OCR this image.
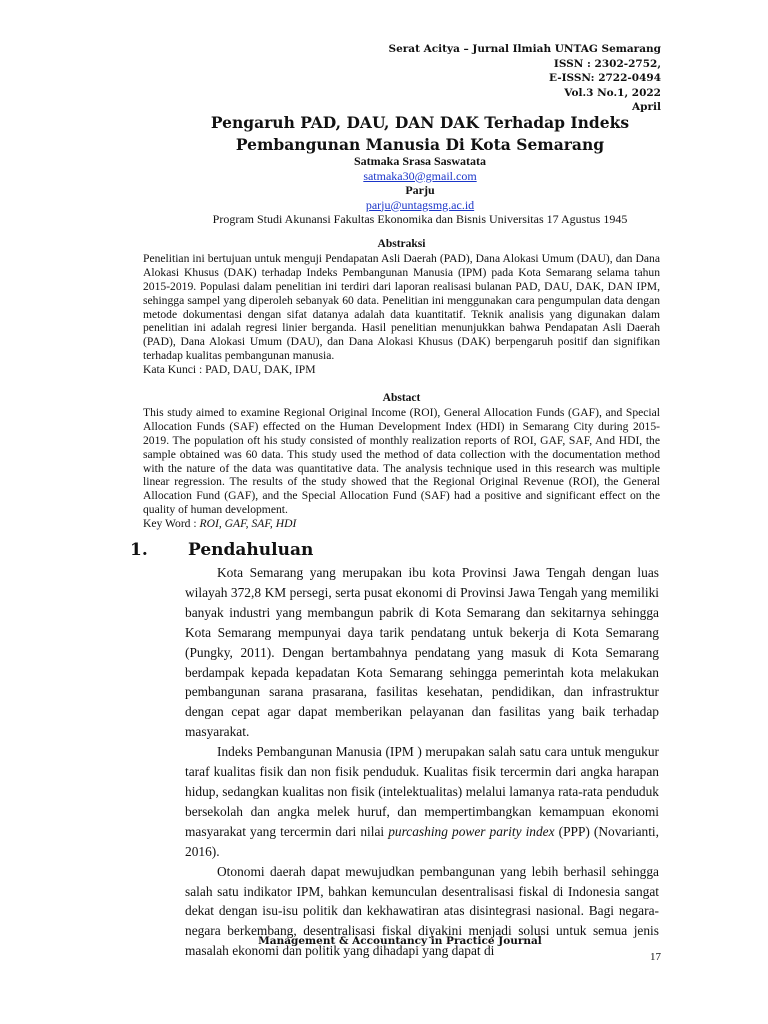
Serat Acitya – Jurnal Ilmiah UNTAG Semarang
ISSN : 2302-2752,
E-ISSN: 2722-0494
Vol.3 No.1, 2022
April
Pengaruh PAD, DAU, DAN DAK Terhadap Indeks
Pembangunan Manusia Di Kota Semarang
Satmaka Srasa Saswatata
satmaka30@gmail.com
Parju
parju@untagsmg.ac.id
Program Studi Akunansi Fakultas Ekonomika dan Bisnis Universitas 17 Agustus 1945
Abstraksi
Penelitian ini bertujuan untuk menguji Pendapatan Asli Daerah (PAD), Dana Alokasi Umum (DAU), dan Dana Alokasi Khusus (DAK) terhadap Indeks Pembangunan Manusia (IPM) pada Kota Semarang selama tahun 2015-2019. Populasi dalam penelitian ini terdiri dari laporan realisasi bulanan PAD, DAU, DAK, DAN IPM, sehingga sampel yang diperoleh sebanyak 60 data. Penelitian ini menggunakan cara pengumpulan data dengan metode dokumentasi dengan sifat datanya adalah data kuantitatif. Teknik analisis yang digunakan dalam penelitian ini adalah regresi linier berganda. Hasil penelitian menunjukkan bahwa Pendapatan Asli Daerah (PAD), Dana Alokasi Umum (DAU), dan Dana Alokasi Khusus (DAK) berpengaruh positif dan signifikan terhadap kualitas pembangunan manusia.
Kata Kunci : PAD, DAU, DAK, IPM
Abstact
This study aimed to examine Regional Original Income (ROI), General Allocation Funds (GAF), and Special Allocation Funds (SAF) effected on the Human Development Index (HDI) in Semarang City during 2015-2019. The population oft his study consisted of monthly realization reports of ROI, GAF, SAF, And HDI, the sample obtained was 60 data. This study used the method of data collection with the documentation method with the nature of the data was quantitative data. The analysis technique used in this research was multiple linear regression. The results of the study showed that the Regional Original Revenue (ROI), the General Allocation Fund (GAF), and the Special Allocation Fund (SAF) had a positive and significant effect on the quality of human development.
Key Word : ROI, GAF, SAF, HDI
1. Pendahuluan

Kota Semarang yang merupakan ibu kota Provinsi Jawa Tengah dengan luas wilayah 372,8 KM persegi, serta pusat ekonomi di Provinsi Jawa Tengah yang memiliki banyak industri yang membangun pabrik di Kota Semarang dan sekitarnya sehingga Kota Semarang mempunyai daya tarik pendatang untuk bekerja di Kota Semarang (Pungky, 2011). Dengan bertambahnya pendatang yang masuk di Kota Semarang berdampak kepada kepadatan Kota Semarang sehingga pemerintah kota melakukan pembangunan sarana prasarana, fasilitas kesehatan, pendidikan, dan infrastruktur dengan cepat agar dapat memberikan pelayanan dan fasilitas yang baik terhadap masyarakat.

Indeks Pembangunan Manusia (IPM ) merupakan salah satu cara untuk mengukur taraf kualitas fisik dan non fisik penduduk. Kualitas fisik tercermin dari angka harapan hidup, sedangkan kualitas non fisik (intelektualitas) melalui lamanya rata-rata penduduk bersekolah dan angka melek huruf, dan mempertimbangkan kemampuan ekonomi masyarakat yang tercermin dari nilai purcashing power parity index (PPP) (Novarianti, 2016).

Otonomi daerah dapat mewujudkan pembangunan yang lebih berhasil sehingga salah satu indikator IPM, bahkan kemunculan desentralisasi fiskal di Indonesia sangat dekat dengan isu-isu politik dan kekhawatiran atas disintegrasi nasional. Bagi negara-negara berkembang, desentralisasi fiskal diyakini menjadi solusi untuk semua jenis masalah ekonomi dan politik yang dihadapi yang dapat di

Management & Accountancy in Practice Journal
17
